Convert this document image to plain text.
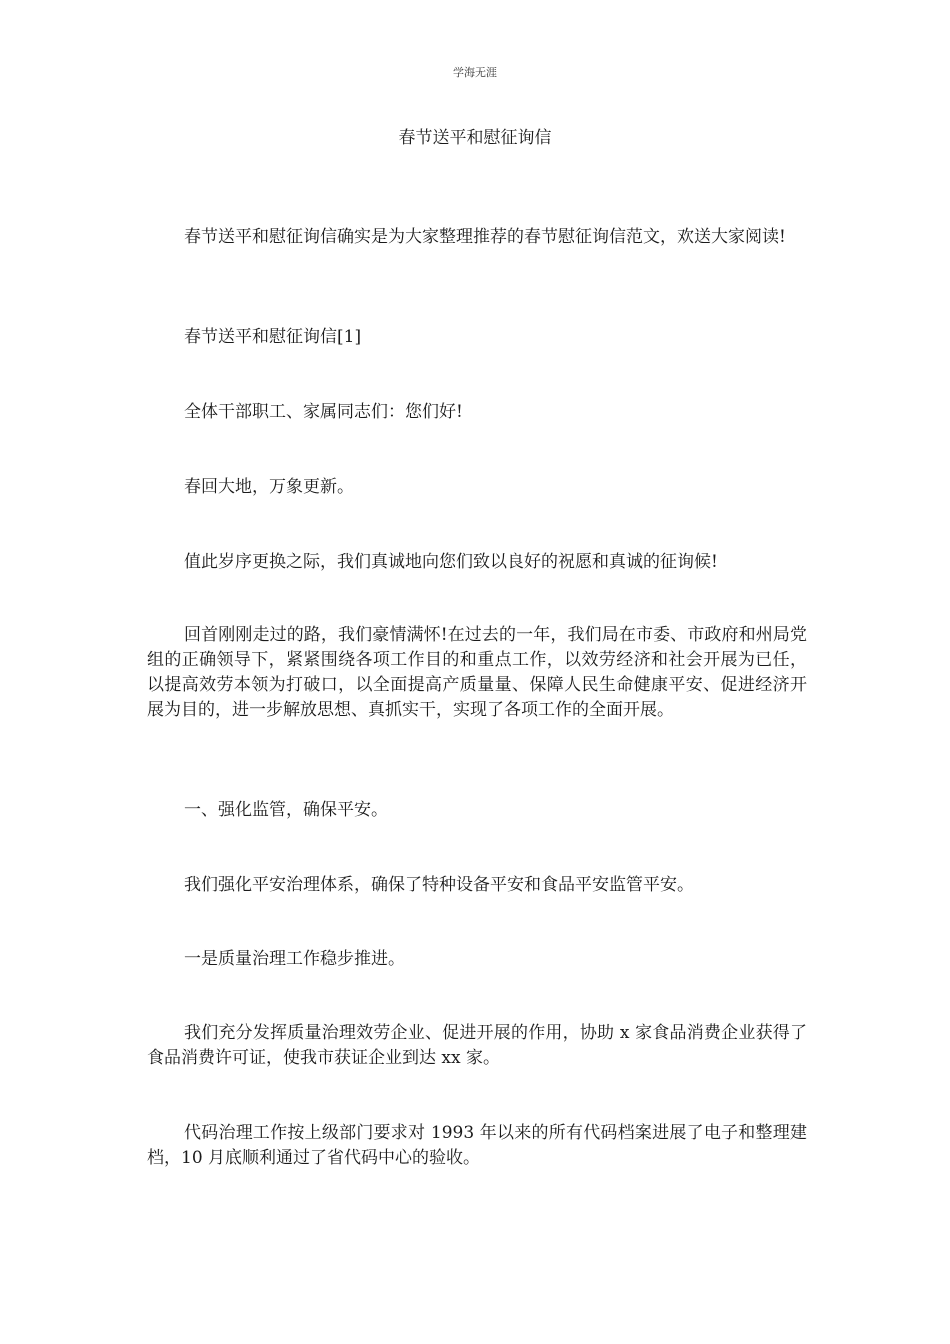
学海无涯
春节送平和慰征询信

春节送平和慰征询信确实是为大家整理推荐的春节慰征询信范文，欢送大家阅读!

春节送平和慰征询信[1]

全体干部职工、家属同志们：您们好!

春回大地，万象更新。

值此岁序更换之际，我们真诚地向您们致以良好的祝愿和真诚的征询候!

回首刚刚走过的路，我们豪情满怀!在过去的一年，我们局在市委、市政府和州局党组的正确领导下，紧紧围绕各项工作目的和重点工作，以效劳经济和社会开展为已任，以提高效劳本领为打破口，以全面提高产质量量、保障人民生命健康平安、促进经济开展为目的，进一步解放思想、真抓实干，实现了各项工作的全面开展。

一、强化监管，确保平安。

我们强化平安治理体系，确保了特种设备平安和食品平安监管平安。

一是质量治理工作稳步推进。

我们充分发挥质量治理效劳企业、促进开展的作用，协助 x 家食品消费企业获得了食品消费许可证，使我市获证企业到达 xx 家。

代码治理工作按上级部门要求对 1993 年以来的所有代码档案进展了电子和整理建档，10 月底顺利通过了省代码中心的验收。
